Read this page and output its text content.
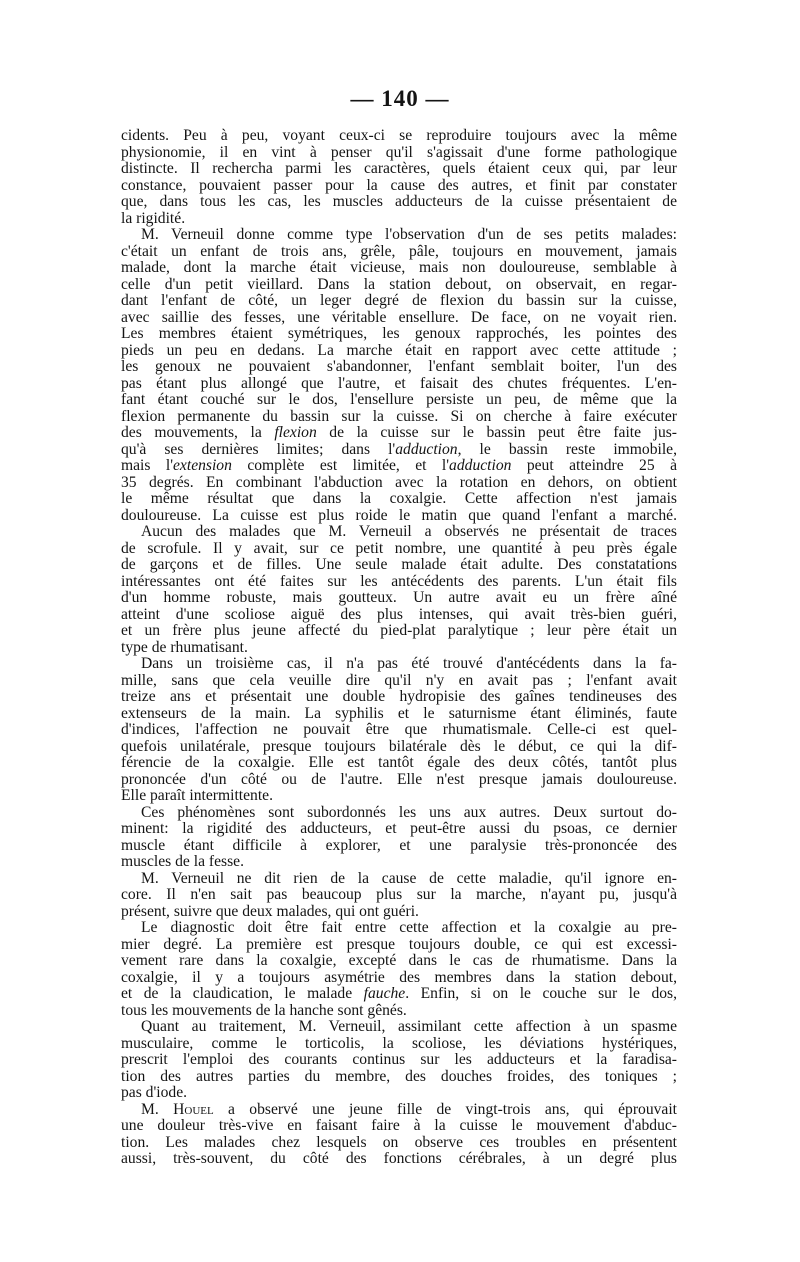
— 140 —
cidents. Peu à peu, voyant ceux-ci se reproduire toujours avec la même
physionomie, il en vint à penser qu'il s'agissait d'une forme pathologique
distincte. Il rechercha parmi les caractères, quels étaient ceux qui, par leur
constance, pouvaient passer pour la cause des autres, et finit par constater
que, dans tous les cas, les muscles adducteurs de la cuisse présentaient de
la rigidité.
M. Verneuil donne comme type l'observation d'un de ses petits malades:
c'était un enfant de trois ans, grêle, pâle, toujours en mouvement, jamais
malade, dont la marche était vicieuse, mais non douloureuse, semblable à
celle d'un petit vieillard. Dans la station debout, on observait, en regar-
dant l'enfant de côté, un leger degré de flexion du bassin sur la cuisse,
avec saillie des fesses, une véritable ensellure. De face, on ne voyait rien.
Les membres étaient symétriques, les genoux rapprochés, les pointes des
pieds un peu en dedans. La marche était en rapport avec cette attitude ;
les genoux ne pouvaient s'abandonner, l'enfant semblait boiter, l'un des
pas étant plus allongé que l'autre, et faisait des chutes fréquentes. L'en-
fant étant couché sur le dos, l'ensellure persiste un peu, de même que la
flexion permanente du bassin sur la cuisse. Si on cherche à faire exécuter
des mouvements, la flexion de la cuisse sur le bassin peut être faite jus-
qu'à ses dernières limites; dans l'adduction, le bassin reste immobile,
mais l'extension complète est limitée, et l'adduction peut atteindre 25 à
35 degrés. En combinant l'abduction avec la rotation en dehors, on obtient
le même résultat que dans la coxalgie. Cette affection n'est jamais
douloureuse. La cuisse est plus roide le matin que quand l'enfant a marché.
Aucun des malades que M. Verneuil a observés ne présentait de traces
de scrofule. Il y avait, sur ce petit nombre, une quantité à peu près égale
de garçons et de filles. Une seule malade était adulte. Des constatations
intéressantes ont été faites sur les antécédents des parents. L'un était fils
d'un homme robuste, mais goutteux. Un autre avait eu un frère aîné
atteint d'une scoliose aiguë des plus intenses, qui avait très-bien guéri,
et un frère plus jeune affecté du pied-plat paralytique ; leur père était un
type de rhumatisant.
Dans un troisième cas, il n'a pas été trouvé d'antécédents dans la fa-
mille, sans que cela veuille dire qu'il n'y en avait pas ; l'enfant avait
treize ans et présentait une double hydropisie des gaînes tendineuses des
extenseurs de la main. La syphilis et le saturnisme étant éliminés, faute
d'indices, l'affection ne pouvait être que rhumatismale. Celle-ci est quel-
quefois unilatérale, presque toujours bilatérale dès le début, ce qui la dif-
férencie de la coxalgie. Elle est tantôt égale des deux côtés, tantôt plus
prononcée d'un côté ou de l'autre. Elle n'est presque jamais douloureuse.
Elle paraît intermittente.
Ces phénomènes sont subordonnés les uns aux autres. Deux surtout do-
minent: la rigidité des adducteurs, et peut-être aussi du psoas, ce dernier
muscle étant difficile à explorer, et une paralysie très-prononcée des
muscles de la fesse.
M. Verneuil ne dit rien de la cause de cette maladie, qu'il ignore en-
core. Il n'en sait pas beaucoup plus sur la marche, n'ayant pu, jusqu'à
présent, suivre que deux malades, qui ont guéri.
Le diagnostic doit être fait entre cette affection et la coxalgie au pre-
mier degré. La première est presque toujours double, ce qui est excessi-
vement rare dans la coxalgie, excepté dans le cas de rhumatisme. Dans la
coxalgie, il y a toujours asymétrie des membres dans la station debout,
et de la claudication, le malade fauche. Enfin, si on le couche sur le dos,
tous les mouvements de la hanche sont gênés.
Quant au traitement, M. Verneuil, assimilant cette affection à un spasme
musculaire, comme le torticolis, la scoliose, les déviations hystériques,
prescrit l'emploi des courants continus sur les adducteurs et la faradisa-
tion des autres parties du membre, des douches froides, des toniques ;
pas d'iode.
M. Houel a observé une jeune fille de vingt-trois ans, qui éprouvait
une douleur très-vive en faisant faire à la cuisse le mouvement d'abduc-
tion. Les malades chez lesquels on observe ces troubles en présentent
aussi, très-souvent, du côté des fonctions cérébrales, à un degré plus
